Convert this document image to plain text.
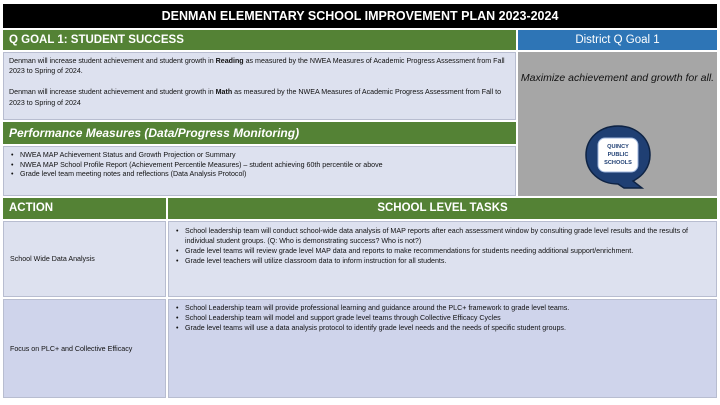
DENMAN ELEMENTARY SCHOOL IMPROVEMENT PLAN 2023-2024
Q GOAL 1: STUDENT SUCCESS	District Q Goal 1

Denman will increase student achievement and student growth in Reading as measured by the NWEA Measures of Academic Progress Assessment from Fall 2023 to Spring of 2024.

Denman will increase student achievement and student growth in Math as measured by the NWEA Measures of Academic Progress Assessment from Fall to 2023 to Spring of 2024

Maximize achievement and growth for all.
QUINCY
PUBLIC
SCHOOLS
Performance Measures (Data/Progress Monitoring)
• NWEA MAP Achievement Status and Growth Projection or Summary
• NWEA MAP School Profile Report (Achievement Percentile Measures) – student achieving 60th percentile or above
• Grade level team meeting notes and reflections (Data Analysis Protocol)
ACTION	SCHOOL LEVEL TASKS
School Wide Data Analysis
• School leadership team will conduct school-wide data analysis of MAP reports after each assessment window by consulting grade level results and the results of individual student groups. (Q: Who is demonstrating success? Who is not?)
• Grade level teams will review grade level MAP data and reports to make recommendations for students needing additional support/enrichment.
• Grade level teachers will utilize classroom data to inform instruction for all students.
Focus on PLC+ and Collective Efficacy
• School Leadership team will provide professional learning and guidance around the PLC+ framework to grade level teams.
• School Leadership team will model and support grade level teams through Collective Efficacy Cycles
• Grade level teams will use a data analysis protocol to identify grade level needs and the needs of specific student groups.
